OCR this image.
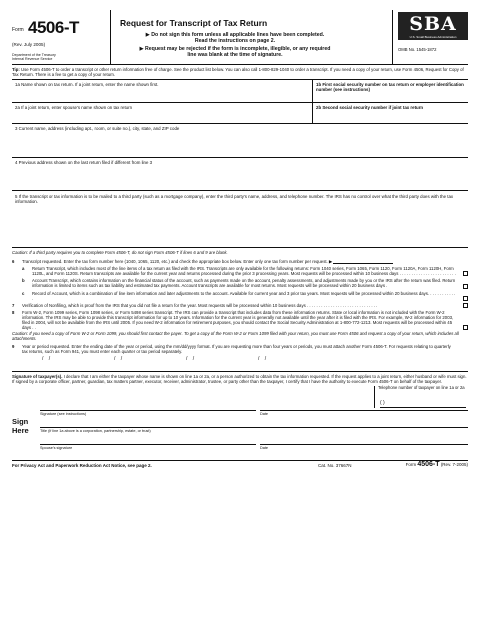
Form 4506-T
(Rev. July 2005)
Department of the Treasury
Internal Revenue Service
Request for Transcript of Tax Return
▶ Do not sign this form unless all applicable lines have been completed.
Read the instructions on page 2.
▶ Request may be rejected if the form is incomplete, illegible, or any required
line was blank at the time of signature.
SBA
U.S. Small Business Administration
OMB No. 1545-1872
Tip: Use Form 4506-T to order a transcript or other return information free of charge. See the product list below. You can also call 1-800-829-1040 to order a transcript. If you need a copy of your return, use Form 4506, Request for Copy of Tax Return. There is a fee to get a copy of your return.
1a Name shown on tax return. If a joint return, enter the name shown first.	1b First social security number on tax return or employer identification number (see instructions)
2a If a joint return, enter spouse's name shown on tax return	2b Second social security number if joint tax return
3 Current name, address (including apt., room, or suite no.), city, state, and ZIP code
4 Previous address shown on the last return filed if different from line 3
5 If the transcript or tax information is to be mailed to a third party (such as a mortgage company), enter the third party's name, address, and telephone number. The IRS has no control over what the third party does with the tax information.
Caution: If a third party requires you to complete Form 4506-T, do not sign Form 4506-T if lines 6 and 9 are blank.
6 Transcript requested. Enter the tax form number here (1040, 1065, 1120, etc.) and check the appropriate box below. Enter only one tax form number per request. ▶
a Return Transcript, which includes most of the line items of a tax return as filed with the IRS. Transcripts are only available for the following returns: Form 1040 series, Form 1065, Form 1120, Form 1120A, Form 1120H, Form 1120L, and Form 1120S. Return transcripts are available for the current year and returns processed during the prior 3 processing years. Most requests will be processed within 10 business days . . . . . . . . . . . . . . . . . . . . . . . .
b Account Transcript, which contains information on the financial status of the account, such as payments made on the account, penalty assessments, and adjustments made by you or the IRS after the return was filed. Return information is limited to items such as tax liability and estimated tax payments. Account transcripts are available for most returns. Most requests will be processed within 20 business days .
c Record of Account, which is a combination of line item information and later adjustments to the account. Available for current year and 3 prior tax years. Most requests will be processed within 20 business days. . . . . . . . . . . . .
7 Verification of Nonfiling, which is proof from the IRS that you did not file a return for the year. Most requests will be processed within 10 business days . . . . . . . . . . . . . . . . . . . . . . . . . . . . . .
8 Form W-2, Form 1099 series, Form 1098 series, or Form 5498 series transcript. The IRS can provide a transcript that includes data from these information returns. State or local information is not included with the Form W-2 information. The IRS may be able to provide this transcript information for up to 10 years. Information for the current year is generally not available until the year after it is filed with the IRS. For example, W-2 information for 2003, filed in 2004, will not be available from the IRS until 2005. If you need W-2 information for retirement purposes, you should contact the Social Security Administration at 1-800-772-1213. Most requests will be processed within 45 days . .
Caution: If you need a copy of Form W-2 or Form 1099, you should first contact the payer. To get a copy of the Form W-2 or Form 1099 filed with your return, you must use Form 4506 and request a copy of your return, which includes all attachments.
9 Year or period requested. Enter the ending date of the year or period, using the mm/dd/yyyy format. If you are requesting more than four years or periods, you must attach another Form 4506-T. For requests relating to quarterly tax returns, such as Form 941, you must enter each quarter or tax period separately.
/ /	/ /	/ /	/ /
Signature of taxpayer(s). I declare that I am either the taxpayer whose name is shown on line 1a or 2a, or a person authorized to obtain the tax information requested. If the request applies to a joint return, either husband or wife must sign. If signed by a corporate officer, partner, guardian, tax matters partner, executor, receiver, administrator, trustee, or party other than the taxpayer, I certify that I have the authority to execute Form 4506-T on behalf of the taxpayer.
Telephone number of taxpayer on line 1a or 2a
( )
Sign
Here
Signature (see instructions)	Date
Title (if line 1a above is a corporation, partnership, estate, or trust)
Spouse's signature	Date
For Privacy Act and Paperwork Reduction Act Notice, see page 2.	Cat. No. 37667N	Form 4506-T (Rev. 7-2005)
